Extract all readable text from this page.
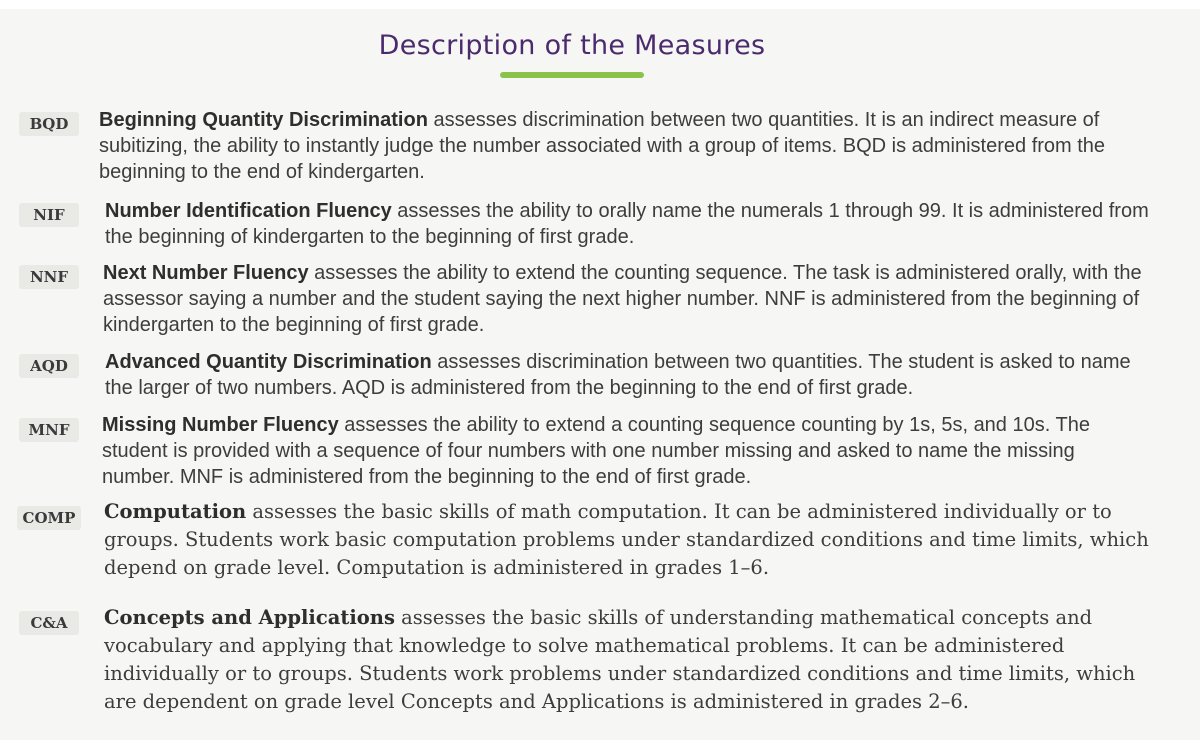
Description of the Measures
BQD	Beginning Quantity Discrimination assesses discrimination between two quantities. It is an indirect measure of subitizing, the ability to instantly judge the number associated with a group of items. BQD is administered from the beginning to the end of kindergarten.

NIF	Number Identification Fluency assesses the ability to orally name the numerals 1 through 99. It is administered from the beginning of kindergarten to the beginning of first grade.

NNF	Next Number Fluency assesses the ability to extend the counting sequence. The task is administered orally, with the assessor saying a number and the student saying the next higher number. NNF is administered from the beginning of kindergarten to the beginning of first grade.

AQD	Advanced Quantity Discrimination assesses discrimination between two quantities. The student is asked to name the larger of two numbers. AQD is administered from the beginning to the end of first grade.

MNF	Missing Number Fluency assesses the ability to extend a counting sequence counting by 1s, 5s, and 10s. The student is provided with a sequence of four numbers with one number missing and asked to name the missing number. MNF is administered from the beginning to the end of first grade.

COMP Computation assesses the basic skills of math computation. It can be administered individually or to groups. Students work basic computation problems under standardized conditions and time limits, which depend on grade level. Computation is administered in grades 1–6.

C&A	Concepts and Applications assesses the basic skills of understanding mathematical concepts and vocabulary and applying that knowledge to solve mathematical problems. It can be administered individually or to groups. Students work problems under standardized conditions and time limits, which are dependent on grade level Concepts and Applications is administered in grades 2–6.
